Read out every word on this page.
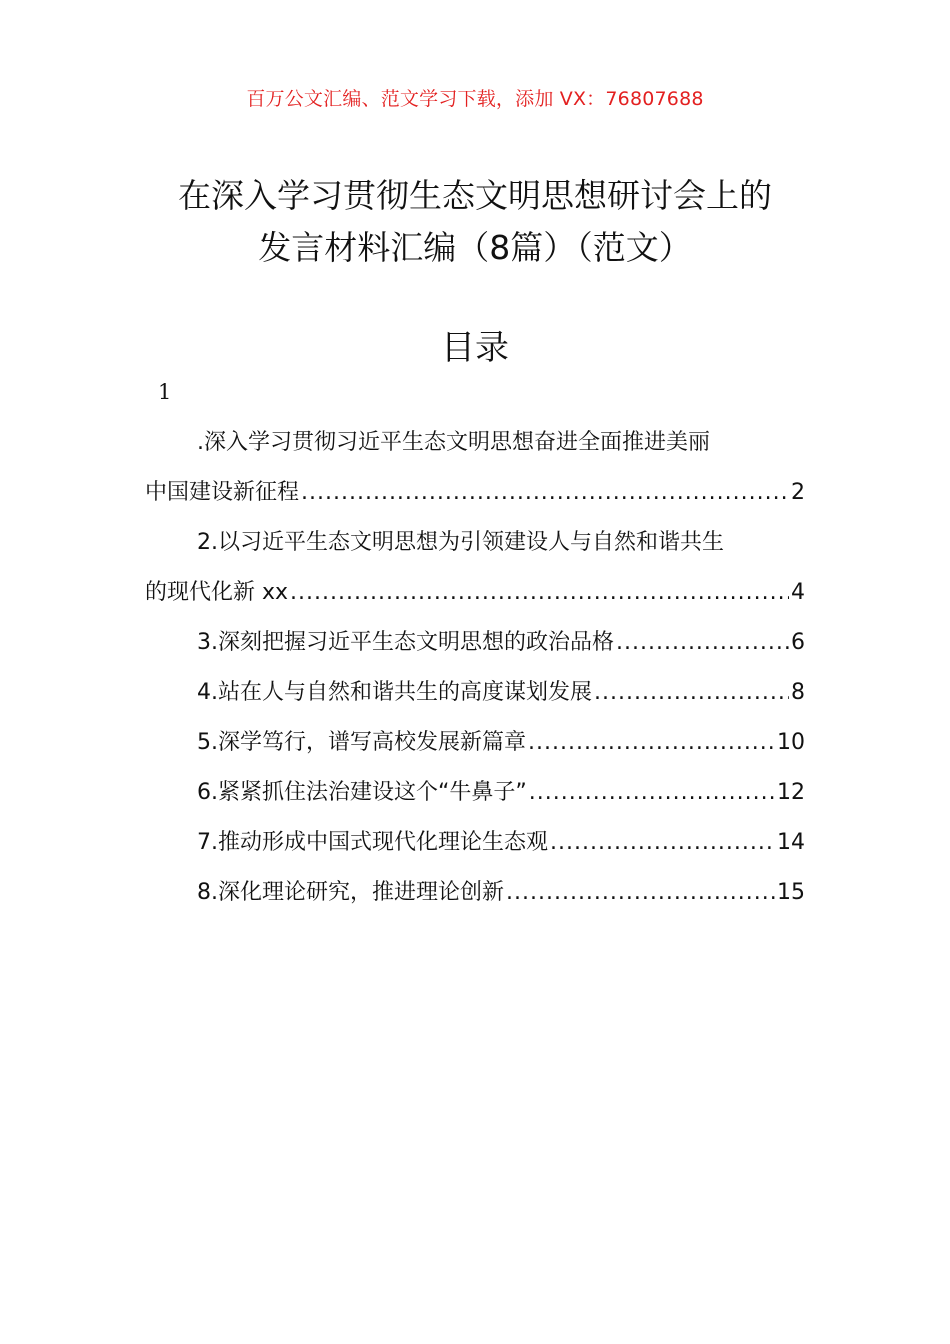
百万公文汇编、范文学习下载，添加 VX：76807688
在深入学习贯彻生态文明思想研讨会上的
发言材料汇编（8篇）（范文）
目录
1
.深入学习贯彻习近平生态文明思想奋进全面推进美丽
中国建设新征程 .....	2
2.以习近平生态文明思想为引领建设人与自然和谐共生
的现代化新 xx .....	4
3.深刻把握习近平生态文明思想的政治品格 .....	6
4.站在人与自然和谐共生的高度谋划发展 .....	8
5.深学笃行，谱写高校发展新篇章 .....	10
6.紧紧抓住法治建设这个“牛鼻子” .....	12
7.推动形成中国式现代化理论生态观 .....	14
8.深化理论研究，推进理论创新 .....	15
